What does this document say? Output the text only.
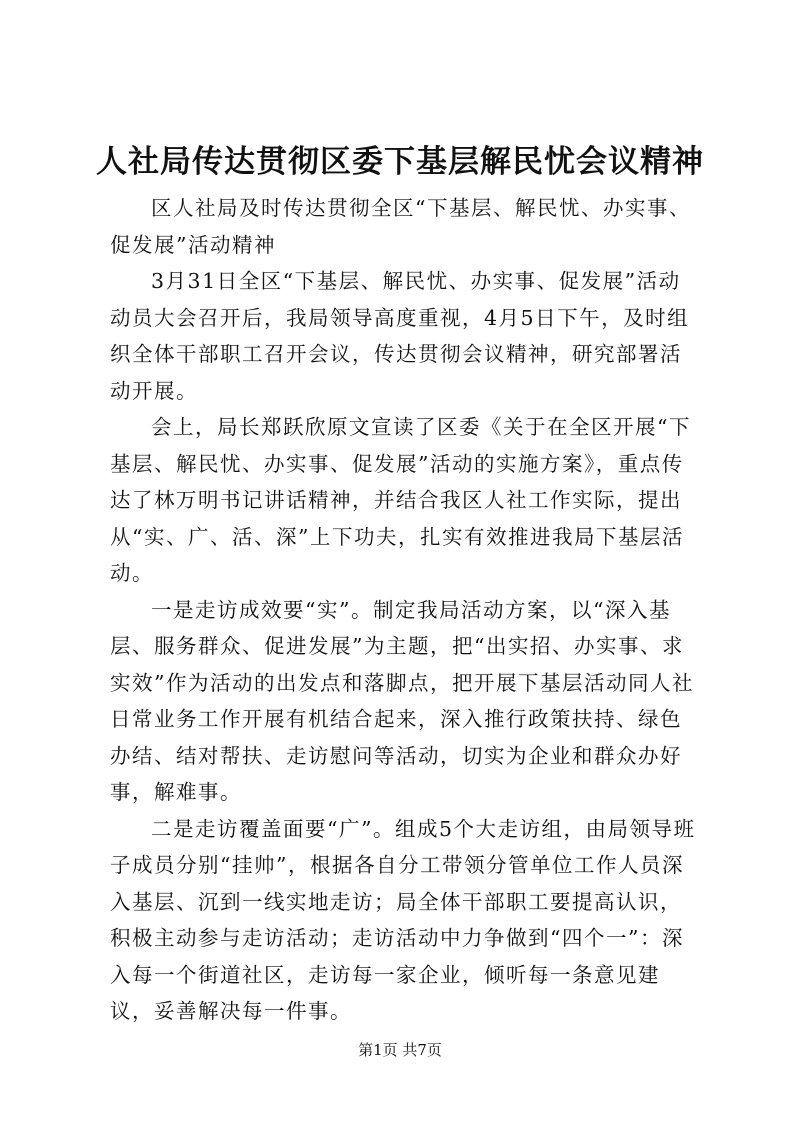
人社局传达贯彻区委下基层解民忧会议精神

区人社局及时传达贯彻全区“下基层、解民忧、办实事、促发展”活动精神

3月31日全区“下基层、解民忧、办实事、促发展”活动动员大会召开后，我局领导高度重视，4月5日下午，及时组织全体干部职工召开会议，传达贯彻会议精神，研究部署活动开展。

会上，局长郑跃欣原文宣读了区委《关于在全区开展“下基层、解民忧、办实事、促发展”活动的实施方案》，重点传达了林万明书记讲话精神，并结合我区人社工作实际，提出从“实、广、活、深”上下功夫，扎实有效推进我局下基层活动。

一是走访成效要“实”。制定我局活动方案，以“深入基层、服务群众、促进发展”为主题，把“出实招、办实事、求实效”作为活动的出发点和落脚点，把开展下基层活动同人社日常业务工作开展有机结合起来，深入推行政策扶持、绿色办结、结对帮扶、走访慰问等活动，切实为企业和群众办好事，解难事。

二是走访覆盖面要“广”。组成5个大走访组，由局领导班子成员分别“挂帅”，根据各自分工带领分管单位工作人员深入基层、沉到一线实地走访；局全体干部职工要提高认识，积极主动参与走访活动；走访活动中力争做到“四个一”：深入每一个街道社区，走访每一家企业，倾听每一条意见建议，妥善解决每一件事。

第1页 共7页
